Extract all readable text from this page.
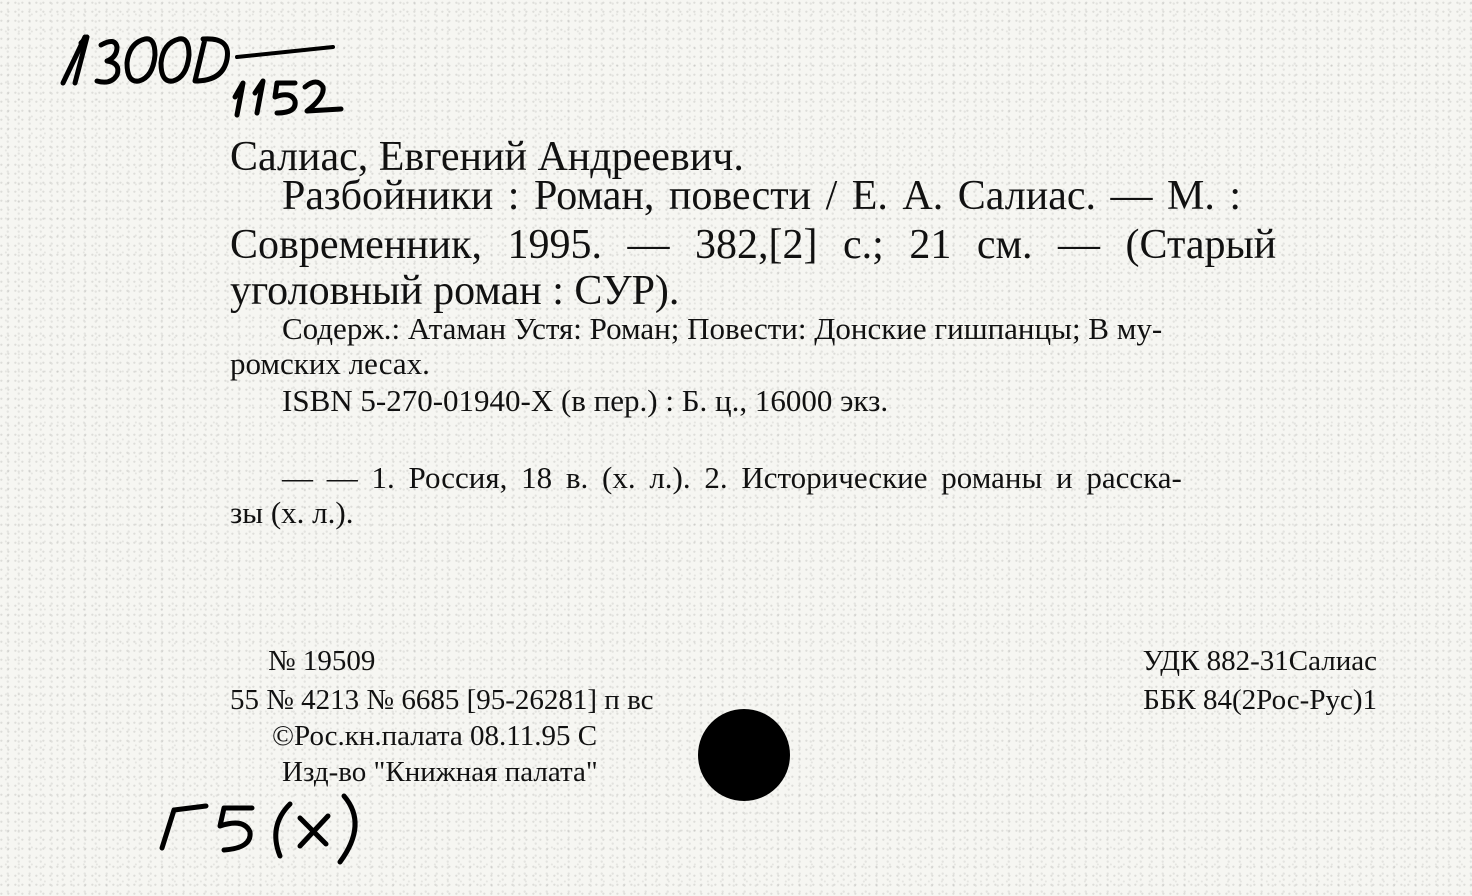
Салиас, Евгений Андреевич.
Разбойники : Роман, повести / Е. А. Салиас. — М. :
Современник, 1995. — 382,[2] с.; 21 см. — (Старый
уголовный роман : СУР).
Содерж.: Атаман Устя: Роман; Повести: Донские гишпанцы; В му-
ромских лесах.
ISBN 5-270-01940-X (в пер.) : Б. ц., 16000 экз.
— — 1. Россия, 18 в. (х. л.). 2. Исторические романы и расска-
зы (х. л.).
№ 19509
55 № 4213 № 6685 [95-26281] п вс
©Рос.кн.палата 08.11.95 С
Изд-во "Книжная палата"
УДК 882-31Салиас
ББК 84(2Рос-Рус)1
